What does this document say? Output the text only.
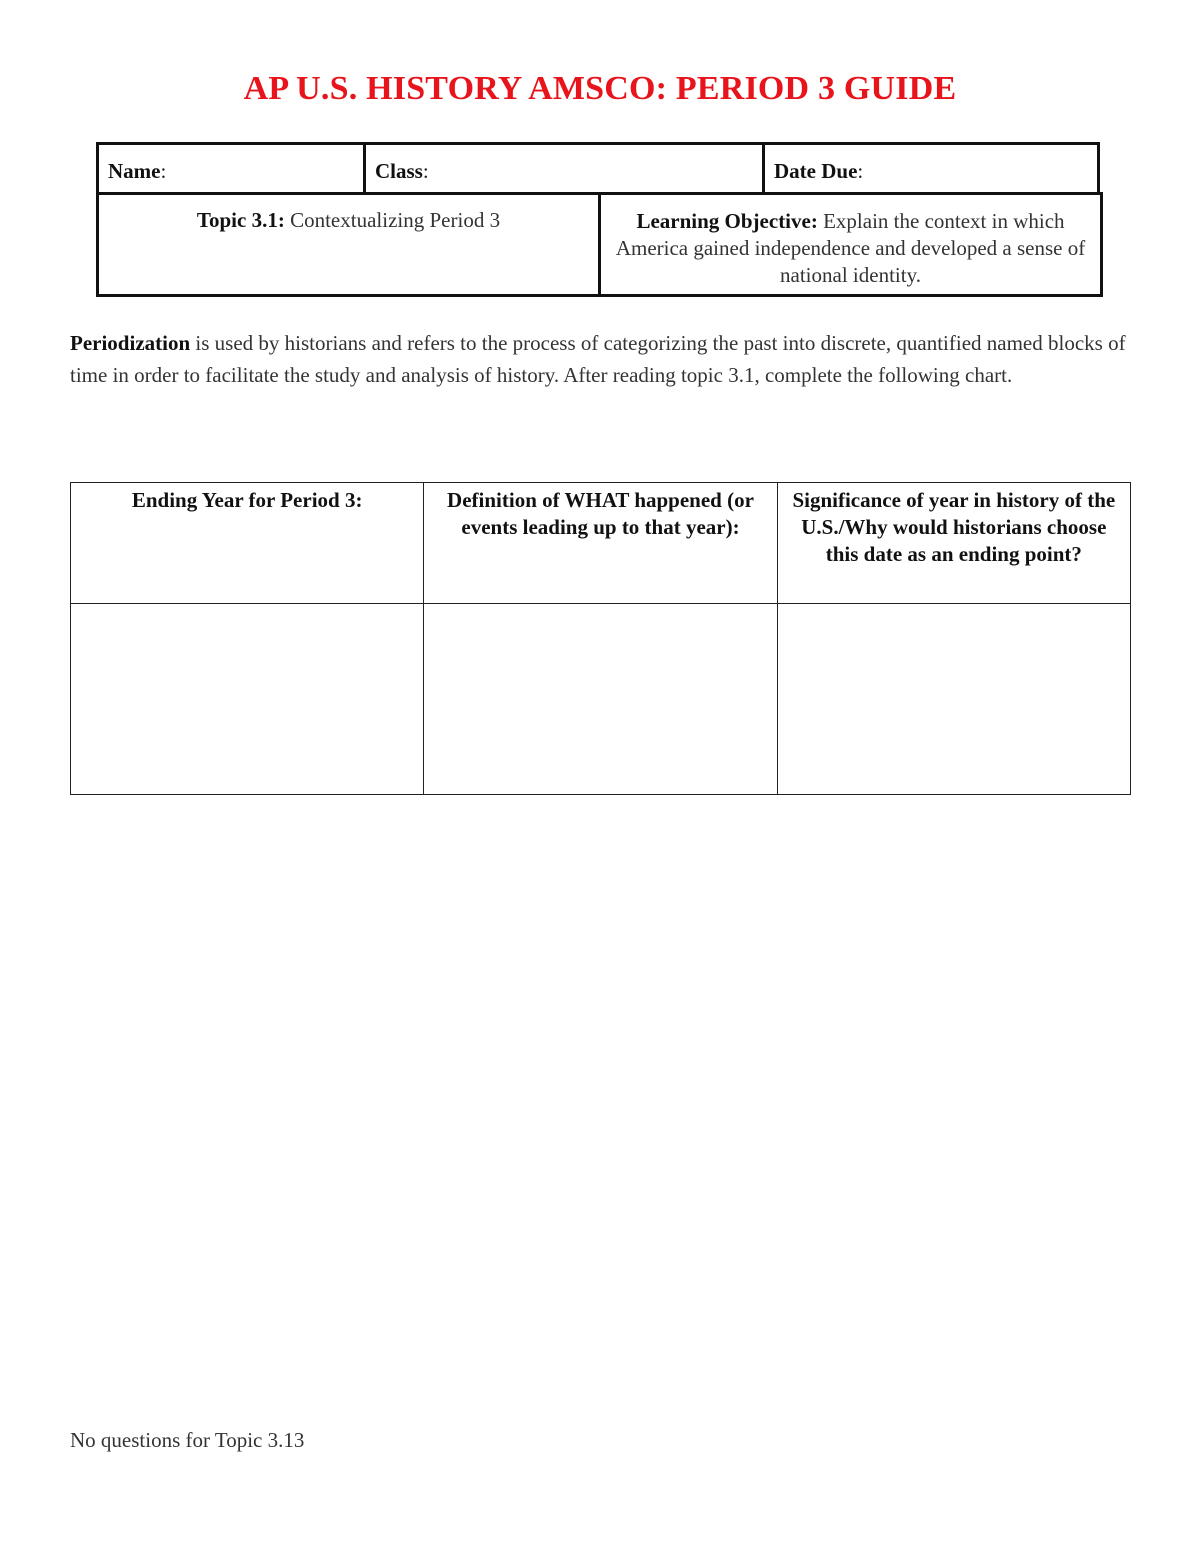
AP U.S. HISTORY AMSCO: PERIOD 3 GUIDE
Name:	Class:	Date Due:
Topic 3.1: Contextualizing Period 3	Learning Objective: Explain the context in which America gained independence and developed a sense of national identity.
Periodization is used by historians and refers to the process of categorizing the past into discrete, quantified named blocks of time in order to facilitate the study and analysis of history. After reading topic 3.1, complete the following chart.
Ending Year for Period 3:	Definition of WHAT happened (or events leading up to that year):	Significance of year in history of the U.S./Why would historians choose this date as an ending point?

No questions for Topic 3.13
